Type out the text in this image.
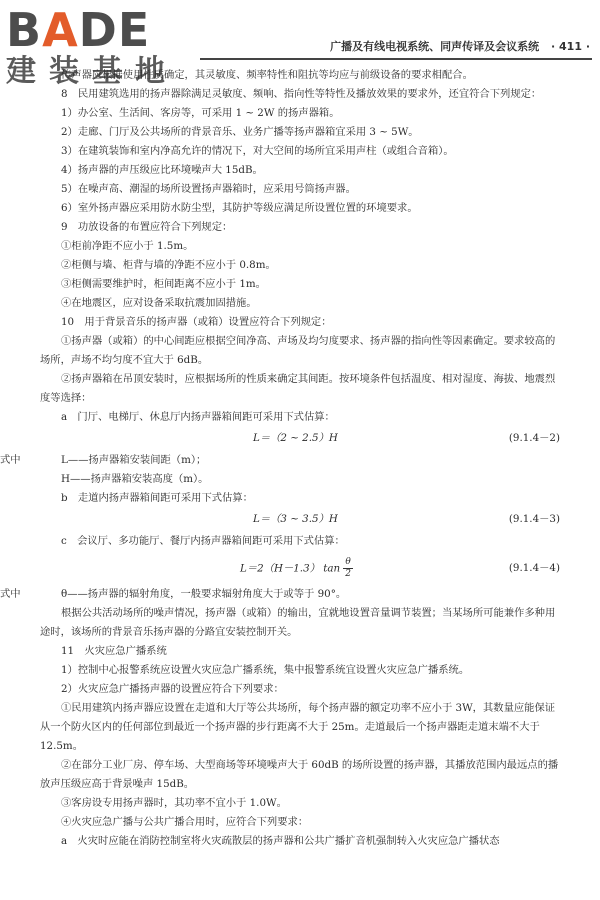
BADE
建装基地
广播及有线电视系统、同声传译及会议系统 · 411 ·

传声器应根据使用性质确定，其灵敏度、频率特性和阻抗等均应与前级设备的要求相配合。

8　民用建筑选用的扬声器除满足灵敏度、频响、指向性等特性及播放效果的要求外，还宜符合下列规定：

1）办公室、生活间、客房等，可采用 1 ~ 2W 的扬声器箱。

2）走廊、门厅及公共场所的背景音乐、业务广播等扬声器箱宜采用 3 ~ 5W。

3）在建筑装饰和室内净高允许的情况下，对大空间的场所宜采用声柱（或组合音箱）。

4）扬声器的声压级应比环境噪声大 15dB。

5）在噪声高、潮湿的场所设置扬声器箱时，应采用号筒扬声器。

6）室外扬声器应采用防水防尘型，其防护等级应满足所设置位置的环境要求。

9　功放设备的布置应符合下列规定：

①柜前净距不应小于 1.5m。

②柜侧与墙、柜背与墙的净距不应小于 0.8m。

③柜侧需要维护时，柜间距离不应小于 1m。

④在地震区，应对设备采取抗震加固措施。

10　用于背景音乐的扬声器（或箱）设置应符合下列规定：

①扬声器（或箱）的中心间距应根据空间净高、声场及均匀度要求、扬声器的指向性等因素确定。要求较高的场所，声场不均匀度不宜大于 6dB。

②扬声器箱在吊顶安装时，应根据场所的性质来确定其间距。按环境条件包括温度、相对湿度、海拔、地震烈度等选择：

a　门厅、电梯厅、休息厅内扬声器箱间距可采用下式估算：

L＝（2 ~ 2.5）H	(9.1.4－2)

式中	L——扬声器箱安装间距（m）；

H——扬声器箱安装高度（m）。

b　走道内扬声器箱间距可采用下式估算：

L＝（3 ~ 3.5）H	(9.1.4－3)

c　会议厅、多功能厅、餐厅内扬声器箱间距可采用下式估算：

L＝2（H－1.3） $\tan \frac{\theta}{2}$	(9.1.4－4)

式中	θ——扬声器的辐射角度，一般要求辐射角度大于或等于 90°。

根据公共活动场所的噪声情况，扬声器（或箱）的输出，宜就地设置音量调节装置；当某场所可能兼作多种用途时，该场所的背景音乐扬声器的分路宜安装控制开关。

11　火灾应急广播系统

1）控制中心报警系统应设置火灾应急广播系统，集中报警系统宜设置火灾应急广播系统。

2）火灾应急广播扬声器的设置应符合下列要求：

①民用建筑内扬声器应设置在走道和大厅等公共场所，每个扬声器的额定功率不应小于 3W，其数量应能保证从一个防火区内的任何部位到最近一个扬声器的步行距离不大于 25m。走道最后一个扬声器距走道末端不大于 12.5m。

②在部分工业厂房、停车场、大型商场等环境噪声大于 60dB 的场所设置的扬声器，其播放范围内最远点的播放声压级应高于背景噪声 15dB。

③客房设专用扬声器时，其功率不宜小于 1.0W。

④火灾应急广播与公共广播合用时，应符合下列要求：

a　火灾时应能在消防控制室将火灾疏散层的扬声器和公共广播扩音机强制转入火灾应急广播状态
